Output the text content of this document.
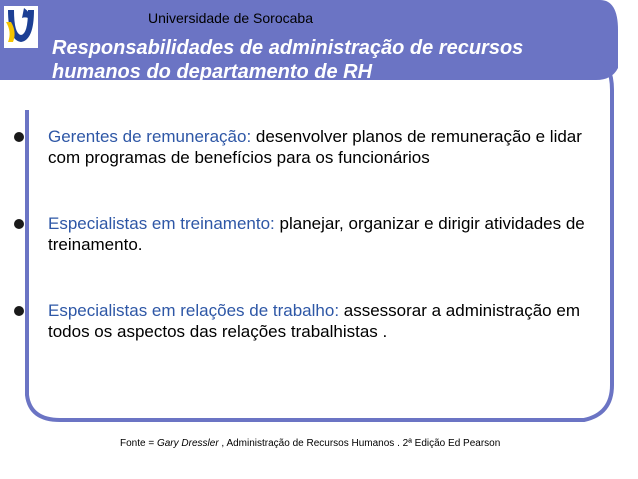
Universidade de Sorocaba
Responsabilidades de administração de recursos
humanos do departamento de RH
Gerentes de remuneração: desenvolver planos de remuneração e lidar com programas de benefícios para os funcionários
Especialistas em treinamento: planejar, organizar e dirigir atividades de treinamento.
Especialistas em relações de trabalho: assessorar a administração em todos os aspectos das relações trabalhistas .
Fonte = Gary Dressler , Administração de Recursos Humanos . 2ª Edição Ed Pearson
